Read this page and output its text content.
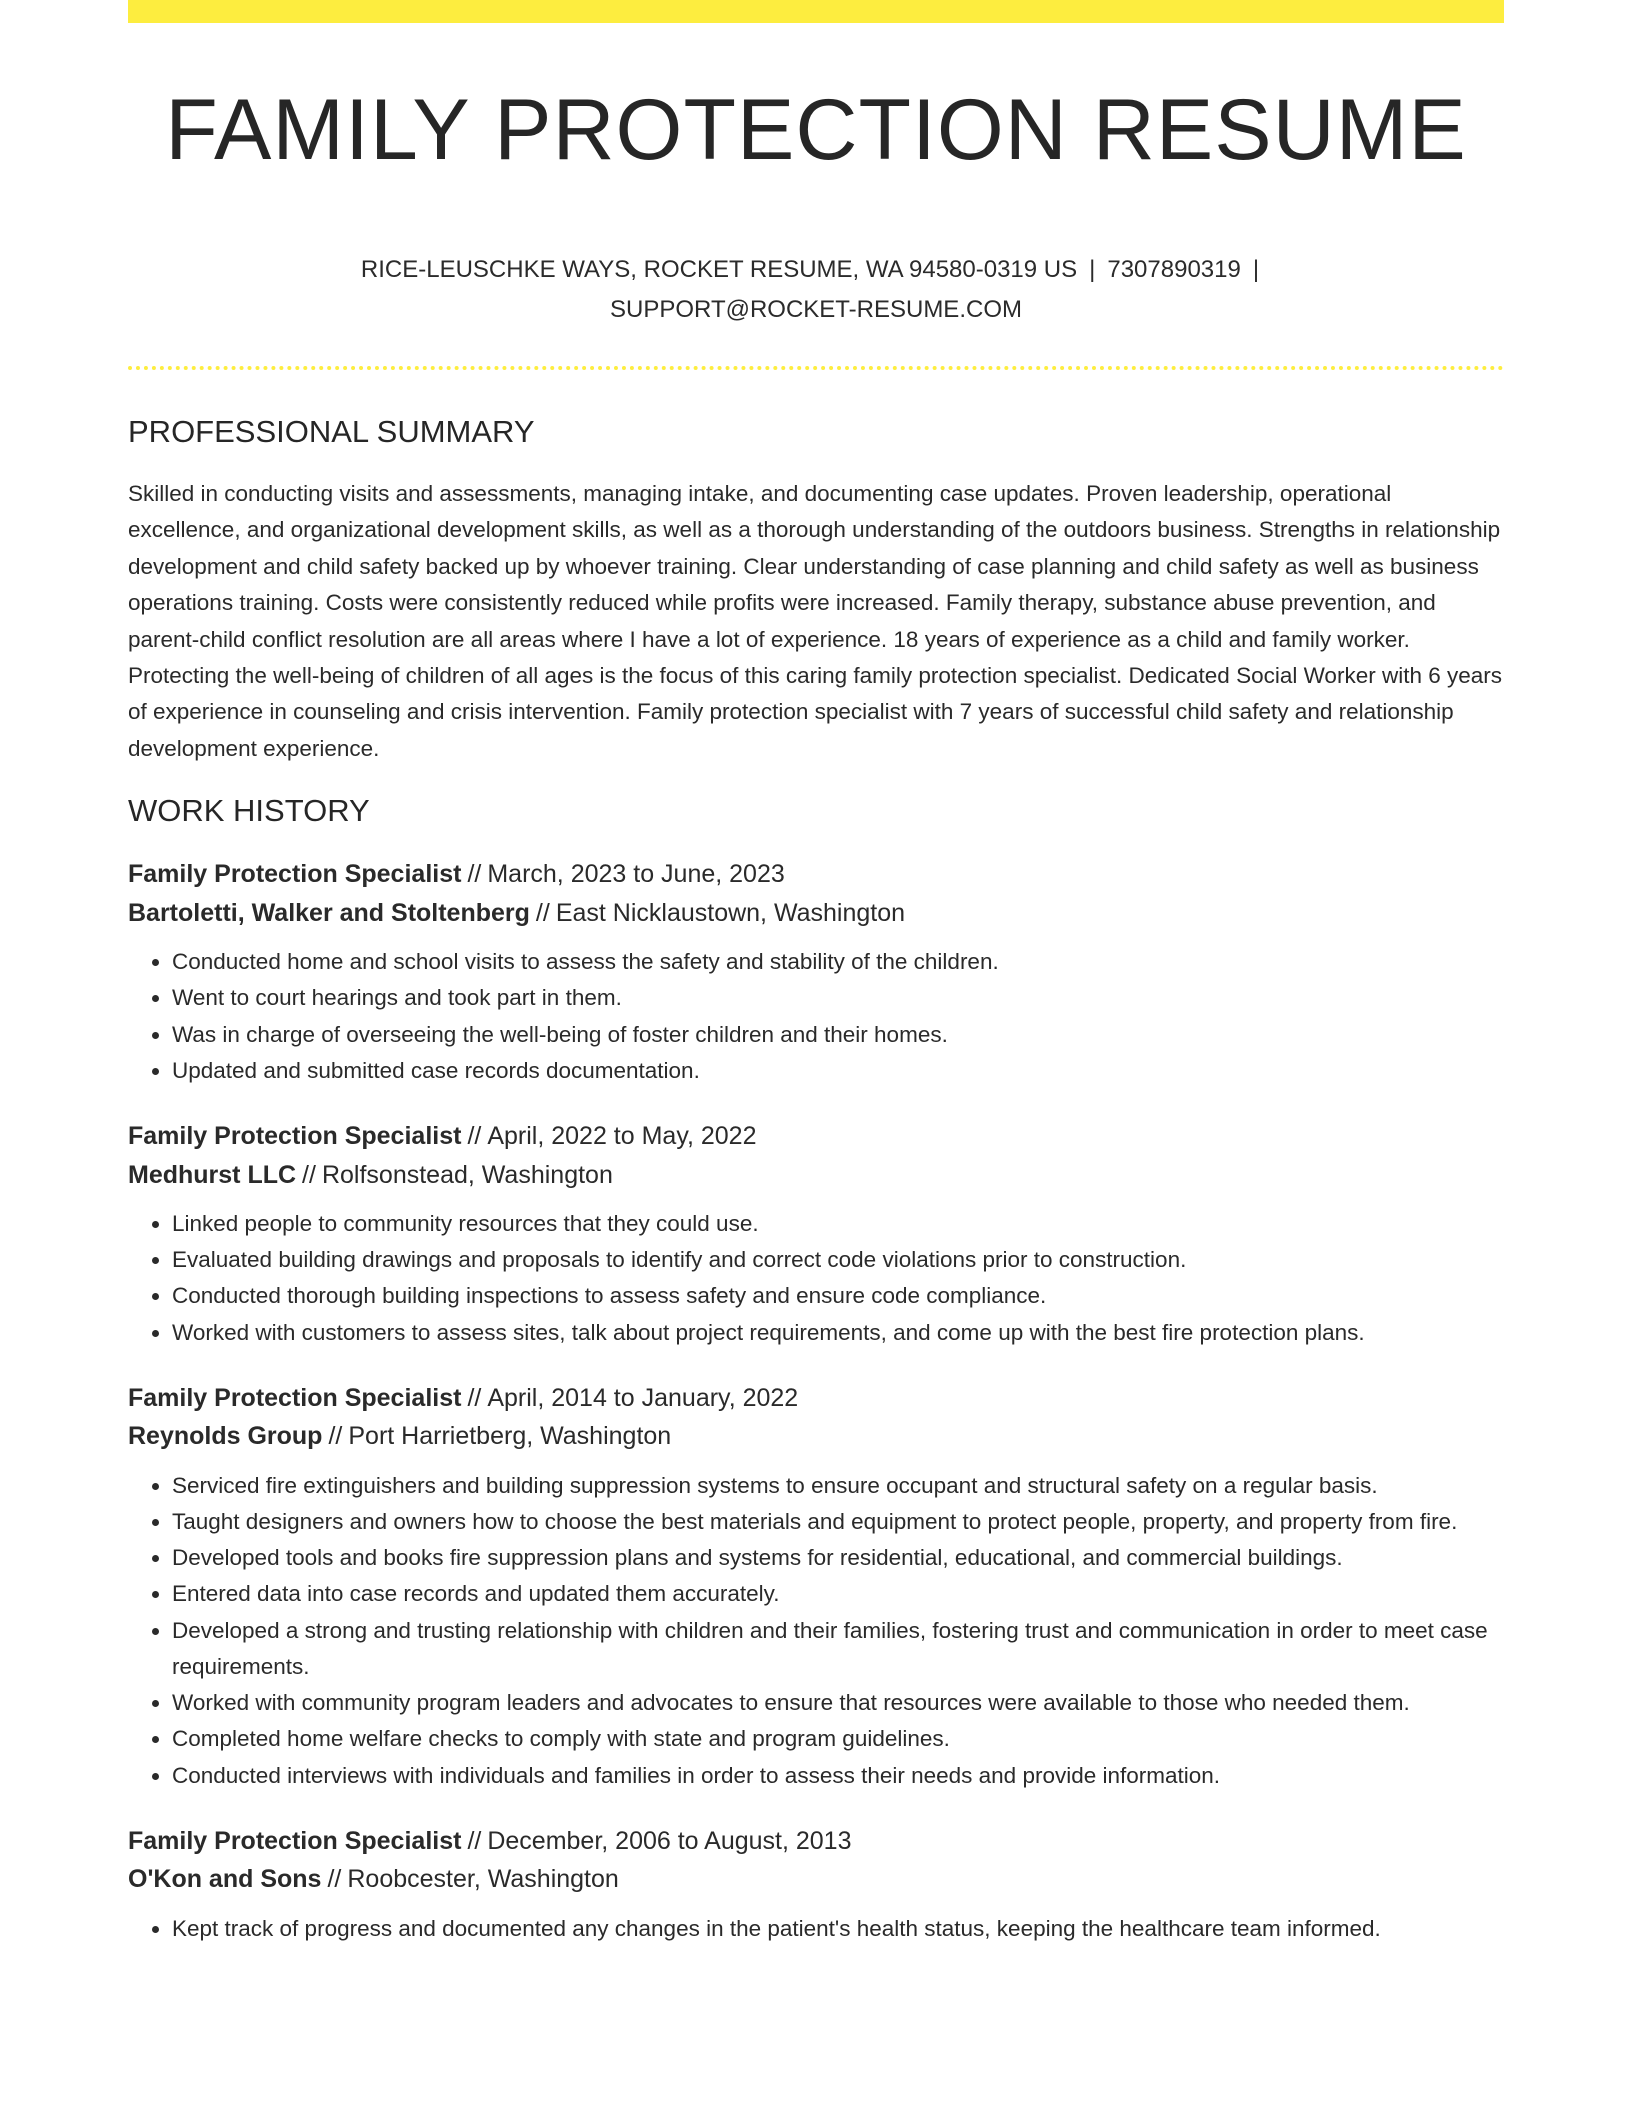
FAMILY PROTECTION RESUME
RICE-LEUSCHKE WAYS, ROCKET RESUME, WA 94580-0319 US | 7307890319 |
SUPPORT@ROCKET-RESUME.COM
PROFESSIONAL SUMMARY

Skilled in conducting visits and assessments, managing intake, and documenting case updates. Proven leadership, operational excellence, and organizational development skills, as well as a thorough understanding of the outdoors business. Strengths in relationship development and child safety backed up by whoever training. Clear understanding of case planning and child safety as well as business operations training. Costs were consistently reduced while profits were increased. Family therapy, substance abuse prevention, and parent-child conflict resolution are all areas where I have a lot of experience. 18 years of experience as a child and family worker. Protecting the well-being of children of all ages is the focus of this caring family protection specialist. Dedicated Social Worker with 6 years of experience in counseling and crisis intervention. Family protection specialist with 7 years of successful child safety and relationship development experience.

WORK HISTORY
Family Protection Specialist // March, 2023 to June, 2023
Bartoletti, Walker and Stoltenberg // East Nicklaustown, Washington
• Conducted home and school visits to assess the safety and stability of the children.
• Went to court hearings and took part in them.
• Was in charge of overseeing the well-being of foster children and their homes.
• Updated and submitted case records documentation.
Family Protection Specialist // April, 2022 to May, 2022
Medhurst LLC // Rolfsonstead, Washington
• Linked people to community resources that they could use.
• Evaluated building drawings and proposals to identify and correct code violations prior to construction.
• Conducted thorough building inspections to assess safety and ensure code compliance.
• Worked with customers to assess sites, talk about project requirements, and come up with the best fire protection plans.
Family Protection Specialist // April, 2014 to January, 2022
Reynolds Group // Port Harrietberg, Washington
• Serviced fire extinguishers and building suppression systems to ensure occupant and structural safety on a regular basis.
• Taught designers and owners how to choose the best materials and equipment to protect people, property, and property from fire.
• Developed tools and books fire suppression plans and systems for residential, educational, and commercial buildings.
• Entered data into case records and updated them accurately.
• Developed a strong and trusting relationship with children and their families, fostering trust and communication in order to meet case requirements.
• Worked with community program leaders and advocates to ensure that resources were available to those who needed them.
• Completed home welfare checks to comply with state and program guidelines.
• Conducted interviews with individuals and families in order to assess their needs and provide information.
Family Protection Specialist // December, 2006 to August, 2013
O'Kon and Sons // Roobcester, Washington
• Kept track of progress and documented any changes in the patient's health status, keeping the healthcare team informed.
